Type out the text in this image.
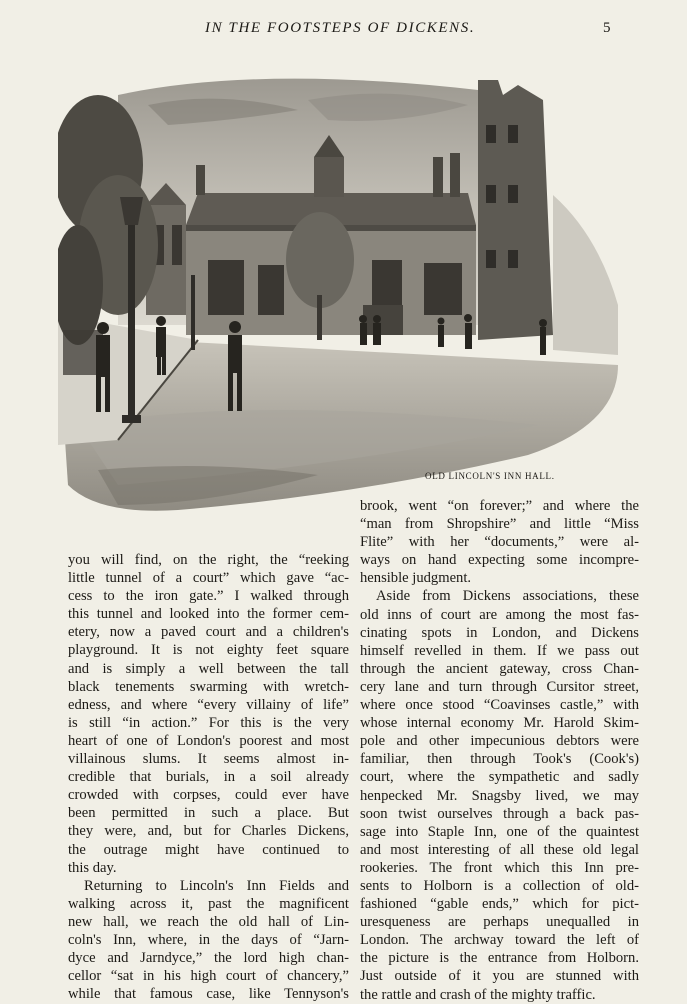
IN THE FOOTSTEPS OF DICKENS.	5
OLD LINCOLN'S INN HALL.
you will find, on the right, the “reeking
little tunnel of a court” which gave “ac-
cess to the iron gate.” I walked through
this tunnel and looked into the former cem-
etery, now a paved court and a children's
playground. It is not eighty feet square
and is simply a well between the tall
black tenements swarming with wretch-
edness, and where “every villainy of life”
is still “in action.” For this is the very
heart of one of London's poorest and most
villainous slums. It seems almost in-
credible that burials, in a soil already
crowded with corpses, could ever have
been permitted in such a place. But
they were, and, but for Charles Dickens,
the outrage might have continued to
this day.
Returning to Lincoln's Inn Fields and
walking across it, past the magnificent
new hall, we reach the old hall of Lin-
coln's Inn, where, in the days of “Jarn-
dyce and Jarndyce,” the lord high chan-
cellor “sat in his high court of chancery,”
while that famous case, like Tennyson's
brook, went “on forever;” and where the
“man from Shropshire” and little “Miss
Flite” with her “documents,” were al-
ways on hand expecting some incompre-
hensible judgment.
Aside from Dickens associations, these
old inns of court are among the most fas-
cinating spots in London, and Dickens
himself revelled in them. If we pass out
through the ancient gateway, cross Chan-
cery lane and turn through Cursitor street,
where once stood “Coavinses castle,” with
whose internal economy Mr. Harold Skim-
pole and other impecunious debtors were
familiar, then through Took's (Cook's)
court, where the sympathetic and sadly
henpecked Mr. Snagsby lived, we may
soon twist ourselves through a back pas-
sage into Staple Inn, one of the quaintest
and most interesting of all these old legal
rookeries. The front which this Inn pre-
sents to Holborn is a collection of old-
fashioned “gable ends,” which for pict-
uresqueness are perhaps unequalled in
London. The archway toward the left of
the picture is the entrance from Holborn.
Just outside of it you are stunned with
the rattle and crash of the mighty traffic.
